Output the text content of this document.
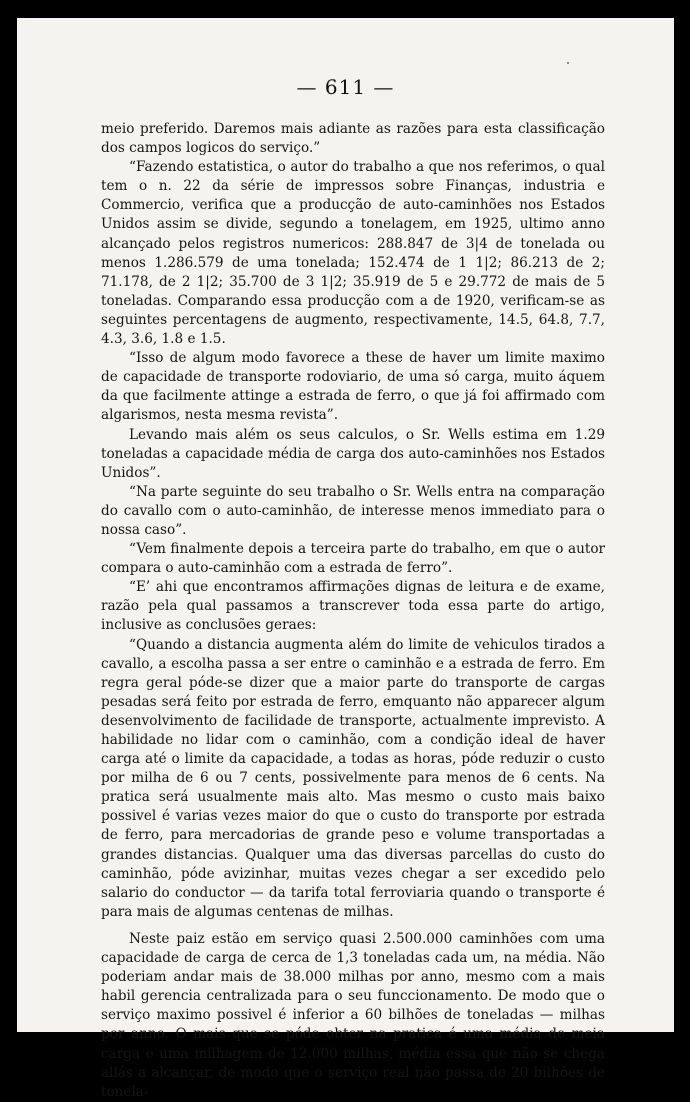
— 611 —

meio preferido. Daremos mais adiante as razões para esta classificação dos campos logicos do serviço.”

“Fazendo estatistica, o autor do trabalho a que nos referimos, o qual tem o n. 22 da série de impressos sobre Finanças, industria e Commercio, verifica que a producção de auto-caminhões nos Estados Unidos assim se divide, segundo a tonelagem, em 1925, ultimo anno alcançado pelos registros numericos: 288.847 de 3|4 de tonelada ou menos 1.286.579 de uma tonelada; 152.474 de 1 1|2; 86.213 de 2; 71.178, de 2 1|2; 35.700 de 3 1|2; 35.919 de 5 e 29.772 de mais de 5 toneladas. Comparando essa producção com a de 1920, verificam-se as seguintes percentagens de augmento, respectivamente, 14.5, 64.8, 7.7, 4.3, 3.6, 1.8 e 1.5.

“Isso de algum modo favorece a these de haver um limite maximo de capacidade de transporte rodoviario, de uma só carga, muito áquem da que facilmente attinge a estrada de ferro, o que já foi affirmado com algarismos, nesta mesma revista”.

Levando mais além os seus calculos, o Sr. Wells estima em 1.29 toneladas a capacidade média de carga dos auto-caminhões nos Estados Unidos”.

“Na parte seguinte do seu trabalho o Sr. Wells entra na comparação do cavallo com o auto-caminhão, de interesse menos immediato para o nossa caso”.

“Vem finalmente depois a terceira parte do trabalho, em que o autor compara o auto-caminhão com a estrada de ferro”.

“E’ ahi que encontramos affirmações dignas de leitura e de exame, razão pela qual passamos a transcrever toda essa parte do artigo, inclusive as conclusões geraes:

“Quando a distancia augmenta além do limite de vehiculos tirados a cavallo, a escolha passa a ser entre o caminhão e a estrada de ferro. Em regra geral póde-se dizer que a maior parte do transporte de cargas pesadas será feito por estrada de ferro, emquanto não apparecer algum desenvolvimento de facilidade de transporte, actualmente imprevisto. A habilidade no lidar com o caminhão, com a condição ideal de haver carga até o limite da capacidade, a todas as horas, póde reduzir o custo por milha de 6 ou 7 cents, possivelmente para menos de 6 cents. Na pratica será usualmente mais alto. Mas mesmo o custo mais baixo possivel é varias vezes maior do que o custo do transporte por estrada de ferro, para mercadorias de grande peso e volume transportadas a grandes distancias. Qualquer uma das diversas parcellas do custo do caminhão, póde avizinhar, muitas vezes chegar a ser excedido pelo salario do conductor — da tarifa total ferroviaria quando o transporte é para mais de algumas centenas de milhas.

Neste paiz estão em serviço quasi 2.500.000 caminhões com uma capacidade de carga de cerca de 1,3 toneladas cada um, na média. Não poderiam andar mais de 38.000 milhas por anno, mesmo com a mais habil gerencia centralizada para o seu funccionamento. De modo que o serviço maximo possivel é inferior a 60 bilhões de toneladas — milhas por anno. O mais que se póde obter na pratica é uma média de meia carga e uma milhagem de 12.000 milhas, média essa que não se chega allás a alcançar, de modo que o serviço real não passa de 20 bilhões de tonela-
